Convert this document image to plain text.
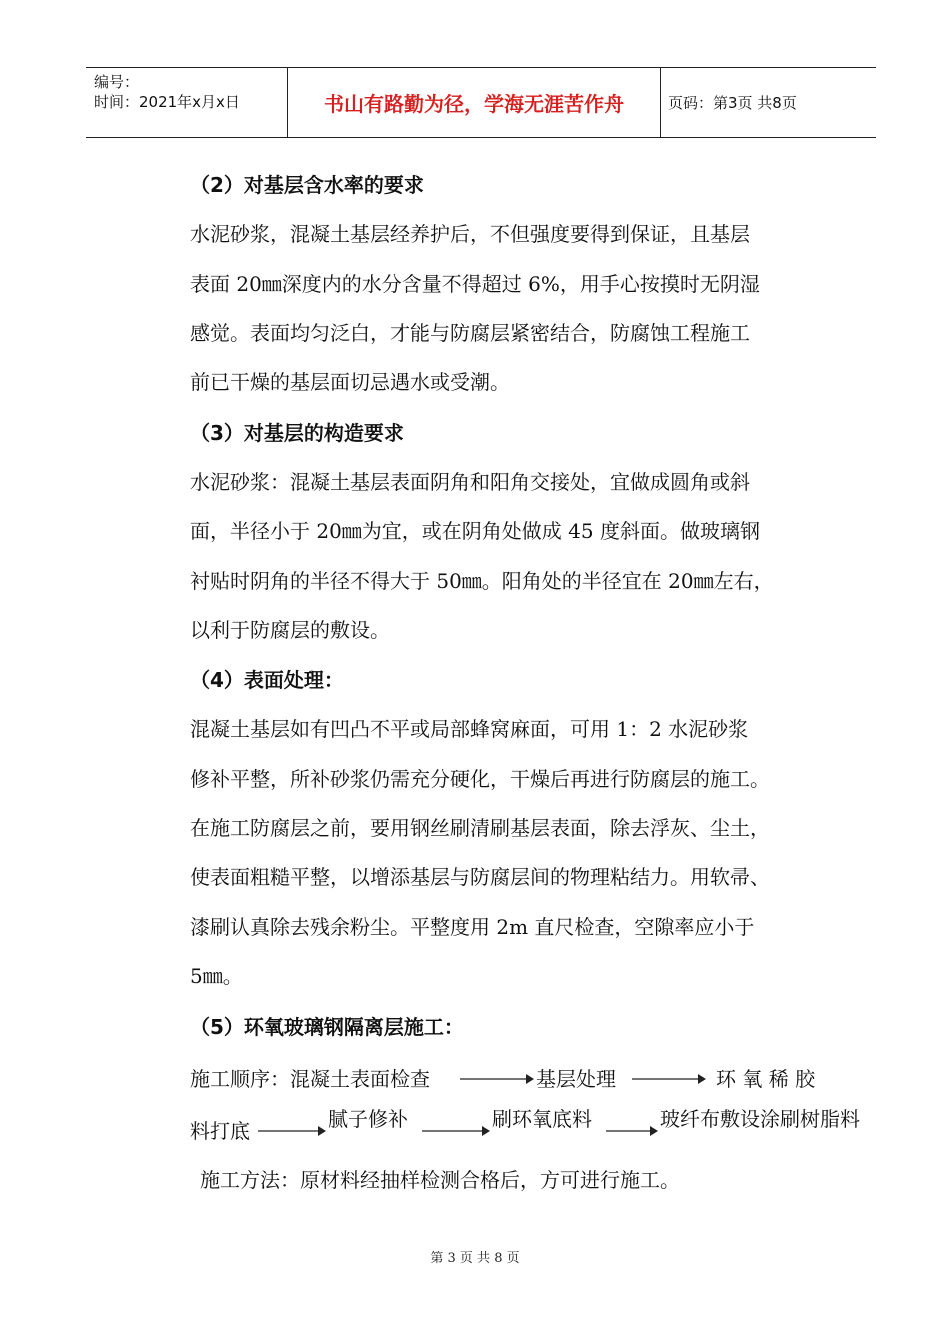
编号：
时间：2021年x月x日	书山有路勤为径，学海无涯苦作舟	页码：第3页 共8页
（2）对基层含水率的要求
水泥砂浆，混凝土基层经养护后，不但强度要得到保证，且基层
表面 20㎜深度内的水分含量不得超过 6%，用手心按摸时无阴湿
感觉。表面均匀泛白，才能与防腐层紧密结合，防腐蚀工程施工
前已干燥的基层面切忌遇水或受潮。
（3）对基层的构造要求
水泥砂浆：混凝土基层表面阴角和阳角交接处，宜做成圆角或斜
面，半径小于 20㎜为宜，或在阴角处做成 45 度斜面。做玻璃钢
衬贴时阴角的半径不得大于 50㎜。阳角处的半径宜在 20㎜左右，
以利于防腐层的敷设。
（4）表面处理：
混凝土基层如有凹凸不平或局部蜂窝麻面，可用 1：2 水泥砂浆
修补平整，所补砂浆仍需充分硬化，干燥后再进行防腐层的施工。
在施工防腐层之前，要用钢丝刷清刷基层表面，除去浮灰、尘土，
使表面粗糙平整，以增添基层与防腐层间的物理粘结力。用软帚、
漆刷认真除去残余粉尘。平整度用 2m 直尺检查，空隙率应小于
5㎜。
（5）环氧玻璃钢隔离层施工：
施工顺序： 混凝土表面检查	基层处理	环 氧 稀 胶
料打底	腻子修补	刷环氧底料	玻纤布敷设涂刷树脂料
施工方法：原材料经抽样检测合格后，方可进行施工。
第 3 页 共 8 页
